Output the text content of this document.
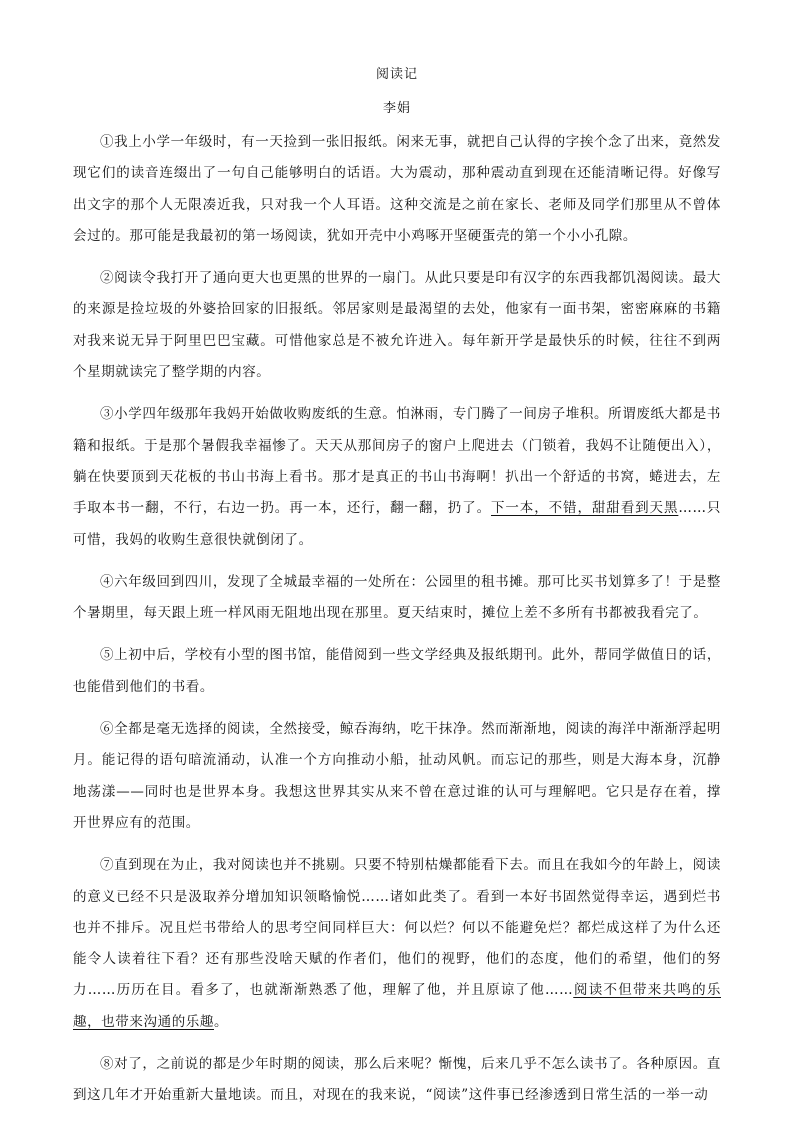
阅读记
李娟

①我上小学一年级时，有一天捡到一张旧报纸。闲来无事，就把自己认得的字挨个念了出来，竟然发现它们的读音连缀出了一句自己能够明白的话语。大为震动，那种震动直到现在还能清晰记得。好像写出文字的那个人无限凑近我，只对我一个人耳语。这种交流是之前在家长、老师及同学们那里从不曾体会过的。那可能是我最初的第一场阅读，犹如开壳中小鸡啄开坚硬蛋壳的第一个小小孔隙。

②阅读令我打开了通向更大也更黑的世界的一扇门。从此只要是印有汉字的东西我都饥渴阅读。最大的来源是捡垃圾的外婆拾回家的旧报纸。邻居家则是最渴望的去处，他家有一面书架，密密麻麻的书籍对我来说无异于阿里巴巴宝藏。可惜他家总是不被允许进入。每年新开学是最快乐的时候，往往不到两个星期就读完了整学期的内容。

③小学四年级那年我妈开始做收购废纸的生意。怕淋雨，专门腾了一间房子堆积。所谓废纸大都是书籍和报纸。于是那个暑假我幸福惨了。天天从那间房子的窗户上爬进去（门锁着，我妈不让随便出入），躺在快要顶到天花板的书山书海上看书。那才是真正的书山书海啊！扒出一个舒适的书窝，蜷进去，左手取本书一翻，不行，右边一扔。再一本，还行，翻一翻，扔了。下一本，不错，甜甜看到天黑……只可惜，我妈的收购生意很快就倒闭了。

④六年级回到四川，发现了全城最幸福的一处所在：公园里的租书摊。那可比买书划算多了！于是整个暑期里，每天跟上班一样风雨无阻地出现在那里。夏天结束时，摊位上差不多所有书都被我看完了。

⑤上初中后，学校有小型的图书馆，能借阅到一些文学经典及报纸期刊。此外，帮同学做值日的话，也能借到他们的书看。

⑥全都是毫无选择的阅读，全然接受，鲸吞海纳，吃干抹净。然而渐渐地，阅读的海洋中渐渐浮起明月。能记得的语句暗流涌动，认准一个方向推动小船，扯动风帆。而忘记的那些，则是大海本身，沉静地荡漾——同时也是世界本身。我想这世界其实从来不曾在意过谁的认可与理解吧。它只是存在着，撑开世界应有的范围。

⑦直到现在为止，我对阅读也并不挑剔。只要不特别枯燥都能看下去。而且在我如今的年龄上，阅读的意义已经不只是汲取养分增加知识领略愉悦……诸如此类了。看到一本好书固然觉得幸运，遇到烂书也并不排斥。况且烂书带给人的思考空间同样巨大：何以烂？何以不能避免烂？都烂成这样了为什么还能令人读着往下看？还有那些没啥天赋的作者们，他们的视野，他们的态度，他们的希望，他们的努力……历历在目。看多了，也就渐渐熟悉了他，理解了他，并且原谅了他……阅读不但带来共鸣的乐趣，也带来沟通的乐趣。

⑧对了，之前说的都是少年时期的阅读，那么后来呢？惭愧，后来几乎不怎么读书了。各种原因。直到这几年才开始重新大量地读。而且，对现在的我来说，“阅读”这件事已经渗透到日常生活的一举一动
